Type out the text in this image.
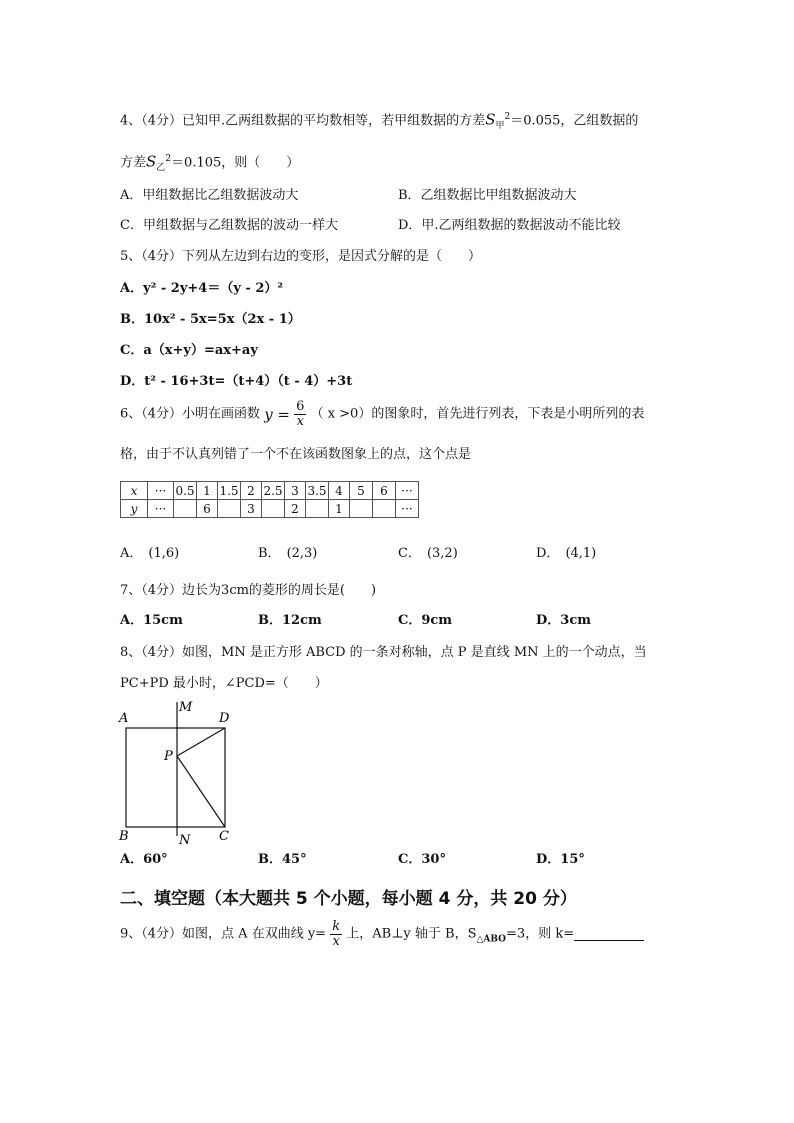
4、（4分）已知甲.乙两组数据的平均数相等，若甲组数据的方差$S_甲^2=0.055$，乙组数据的
方差$S_乙^2=0.105$，则（　　）
A．甲组数据比乙组数据波动大	B．乙组数据比甲组数据波动大
C．甲组数据与乙组数据的波动一样大	D．甲.乙两组数据的数据波动不能比较
5、（4分）下列从左边到右边的变形，是因式分解的是（　　）
A．y² - 2y+4＝（y - 2）²
B．10x² - 5x=5x（2x - 1）
C．a（x+y）=ax+ay
D．t² - 16+3t=（t+4）（t - 4）+3t
6、（4分）小明在画函数 $y = \frac{6}{x}$ （ x >0）的图象时，首先进行列表，下表是小明所列的表
格，由于不认真列错了一个不在该函数图象上的点，这个点是
x	···	0.5	1	1.5	2	2.5	3	3.5	4	5	6	···
y	···		6		3		2		1			···
A． (1,6)	B． (2,3)	C． (3,2)	D． (4,1)
7、（4分）边长为3cm的菱形的周长是(　　)
A．15cm	B．12cm	C．9cm	D．3cm
8、（4分）如图，MN 是正方形 ABCD 的一条对称轴，点 P 是直线 MN 上的一个动点，当
PC+PD 最小时，∠PCD=（　　）
A	D
M
P
B	N C
A．60°	B．45°	C．30°	D．15°
二、填空题（本大题共 5 个小题，每小题 4 分，共 20 分）
9、（4分）如图，点 A 在双曲线 $y= \frac{k}{x}$ 上，AB⊥y 轴于 B，$S_{\triangle ABO}=3$，则 k=
